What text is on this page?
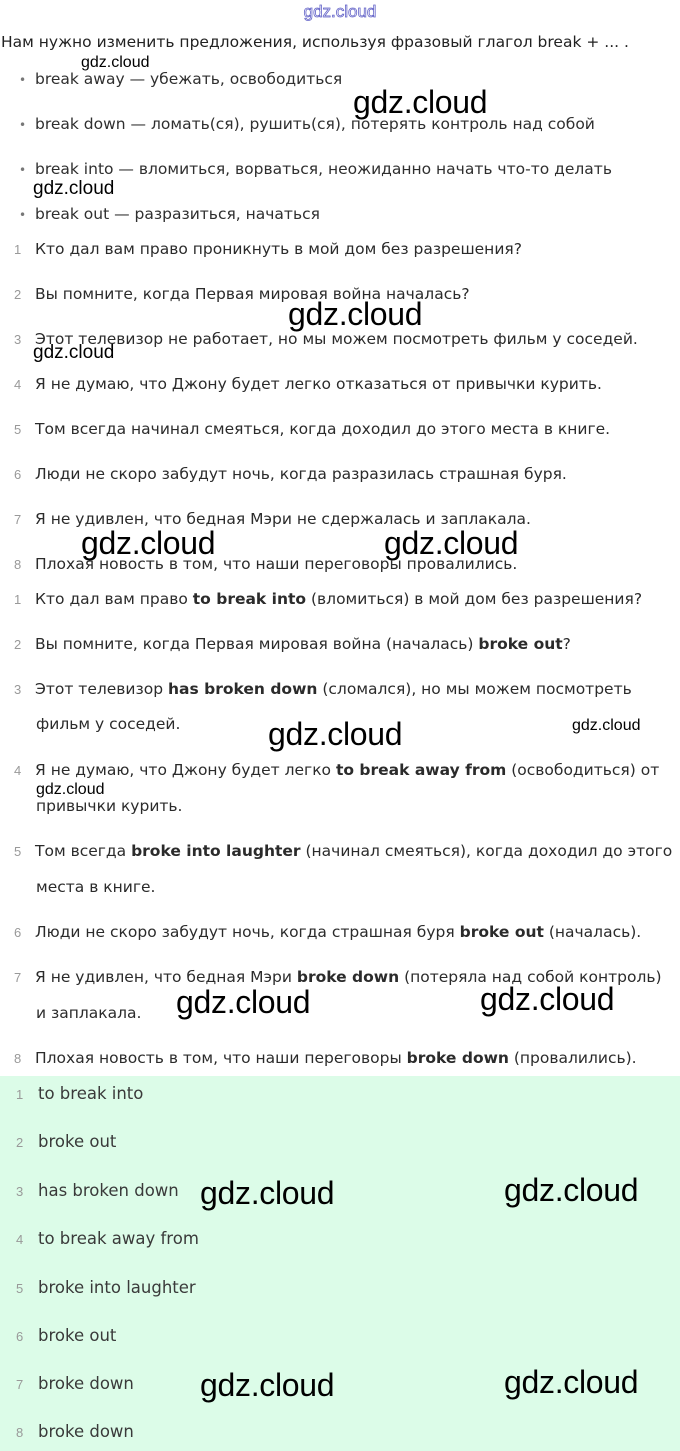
gdz.cloud
Нам нужно изменить предложения, используя фразовый глагол break + ... .
• break away — убежать, освободиться
• break down — ломать(ся), рушить(ся), потерять контроль над собой
• break into — вломиться, ворваться, неожиданно начать что-то делать
• break out — разразиться, начаться
1 Кто дал вам право проникнуть в мой дом без разрешения?
2 Вы помните, когда Первая мировая война началась?
3 Этот телевизор не работает, но мы можем посмотреть фильм у соседей.
4 Я не думаю, что Джону будет легко отказаться от привычки курить.
5 Том всегда начинал смеяться, когда доходил до этого места в книге.
6 Люди не скоро забудут ночь, когда разразилась страшная буря.
7 Я не удивлен, что бедная Мэри не сдержалась и заплакала.
8 Плохая новость в том, что наши переговоры провалились.
1 Кто дал вам право to break into (вломиться) в мой дом без разрешения?
2 Вы помните, когда Первая мировая война (началась) broke out?
3 Этот телевизор has broken down (сломался), но мы можем посмотреть
фильм у соседей.
4 Я не думаю, что Джону будет легко to break away from (освободиться) от
привычки курить.
5 Том всегда broke into laughter (начинал смеяться), когда доходил до этого
места в книге.
6 Люди не скоро забудут ночь, когда страшная буря broke out (началась).
7 Я не удивлен, что бедная Мэри broke down (потеряла над собой контроль)
и заплакала.
8 Плохая новость в том, что наши переговоры broke down (провалились).
1 to break into
2 broke out
3 has broken down
4 to break away from
5 broke into laughter
6 broke out
7 broke down
8 broke down
gdz.cloud
gdz.cloud
gdz.cloud
gdz.cloud
gdz.cloud
gdz.cloud	gdz.cloud
gdz.cloud	gdz.cloud
gdz.cloud
gdz.cloud	gdz.cloud
gdz.cloud	gdz.cloud
gdz.cloud	gdz.cloud
